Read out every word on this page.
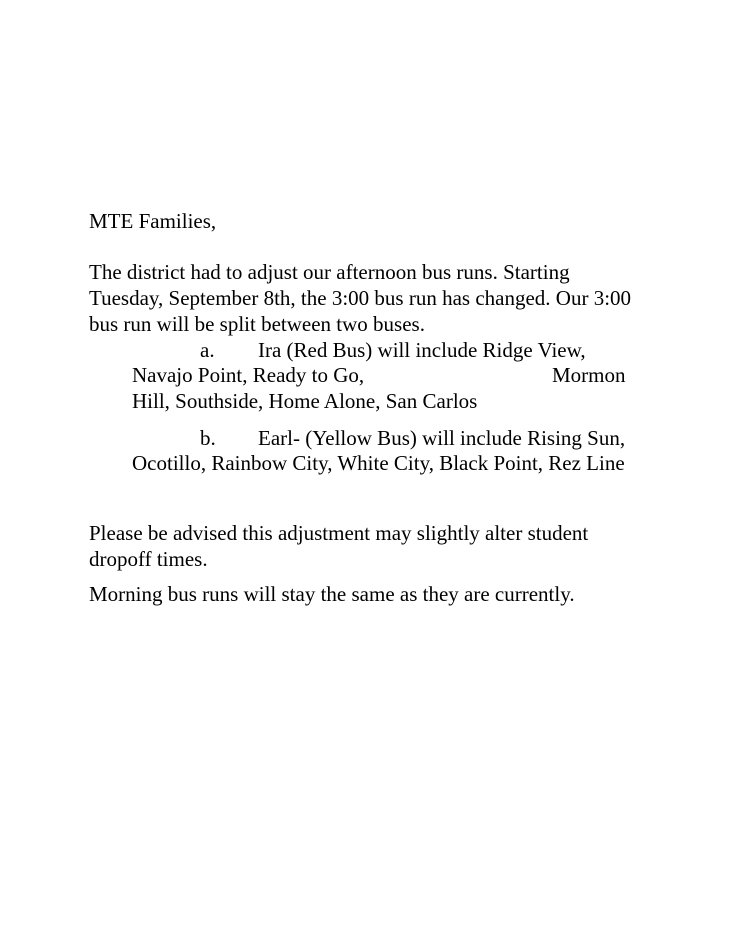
MTE Families,
The district had to adjust our afternoon bus runs. Starting
Tuesday, September 8th, the 3:00 bus run has changed. Our 3:00
bus run will be split between two buses.
a. Ira (Red Bus) will include Ridge View,
Navajo Point, Ready to Go,	Mormon
Hill, Southside, Home Alone, San Carlos
b. Earl- (Yellow Bus) will include Rising Sun,
Ocotillo, Rainbow City, White City, Black Point, Rez Line
Please be advised this adjustment may slightly alter student
dropoff times.
Morning bus runs will stay the same as they are currently.
